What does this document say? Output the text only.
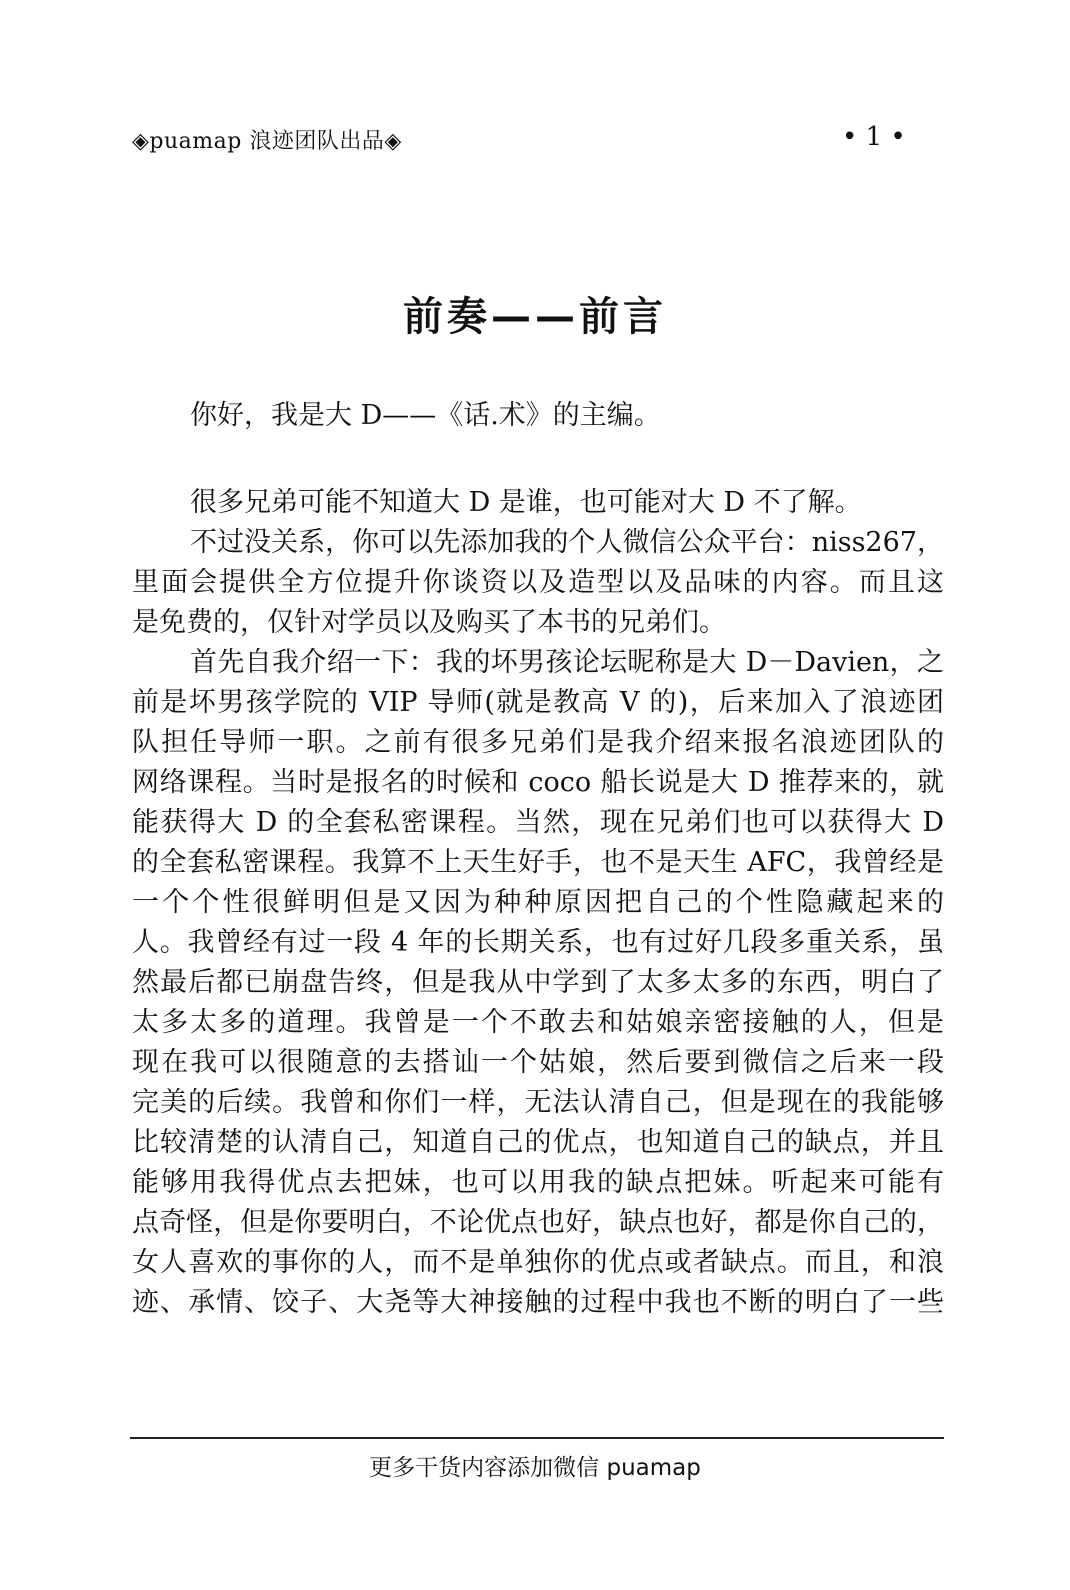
◈puamap 浪迹团队出品◈	• 1 •
前奏——前言
你好，我是大 D——《话.术》的主编。
很多兄弟可能不知道大 D 是谁，也可能对大 D 不了解。
不过没关系，你可以先添加我的个人微信公众平台：niss267，
里面会提供全方位提升你谈资以及造型以及品味的内容。而且这
是免费的，仅针对学员以及购买了本书的兄弟们。
首先自我介绍一下：我的坏男孩论坛昵称是大 D－Davien，之
前是坏男孩学院的 VIP 导师(就是教高 V 的)，后来加入了浪迹团
队担任导师一职。之前有很多兄弟们是我介绍来报名浪迹团队的
网络课程。当时是报名的时候和 coco 船长说是大 D 推荐来的，就
能获得大 D 的全套私密课程。当然，现在兄弟们也可以获得大 D
的全套私密课程。我算不上天生好手，也不是天生 AFC，我曾经是
一个个性很鲜明但是又因为种种原因把自己的个性隐藏起来的
人。我曾经有过一段 4 年的长期关系，也有过好几段多重关系，虽
然最后都已崩盘告终，但是我从中学到了太多太多的东西，明白了
太多太多的道理。我曾是一个不敢去和姑娘亲密接触的人，但是
现在我可以很随意的去搭讪一个姑娘，然后要到微信之后来一段
完美的后续。我曾和你们一样，无法认清自己，但是现在的我能够
比较清楚的认清自己，知道自己的优点，也知道自己的缺点，并且
能够用我得优点去把妹，也可以用我的缺点把妹。听起来可能有
点奇怪，但是你要明白，不论优点也好，缺点也好，都是你自己的，
女人喜欢的事你的人，而不是单独你的优点或者缺点。而且，和浪
迹、承情、饺子、大尧等大神接触的过程中我也不断的明白了一些
更多干货内容添加微信 puamap
